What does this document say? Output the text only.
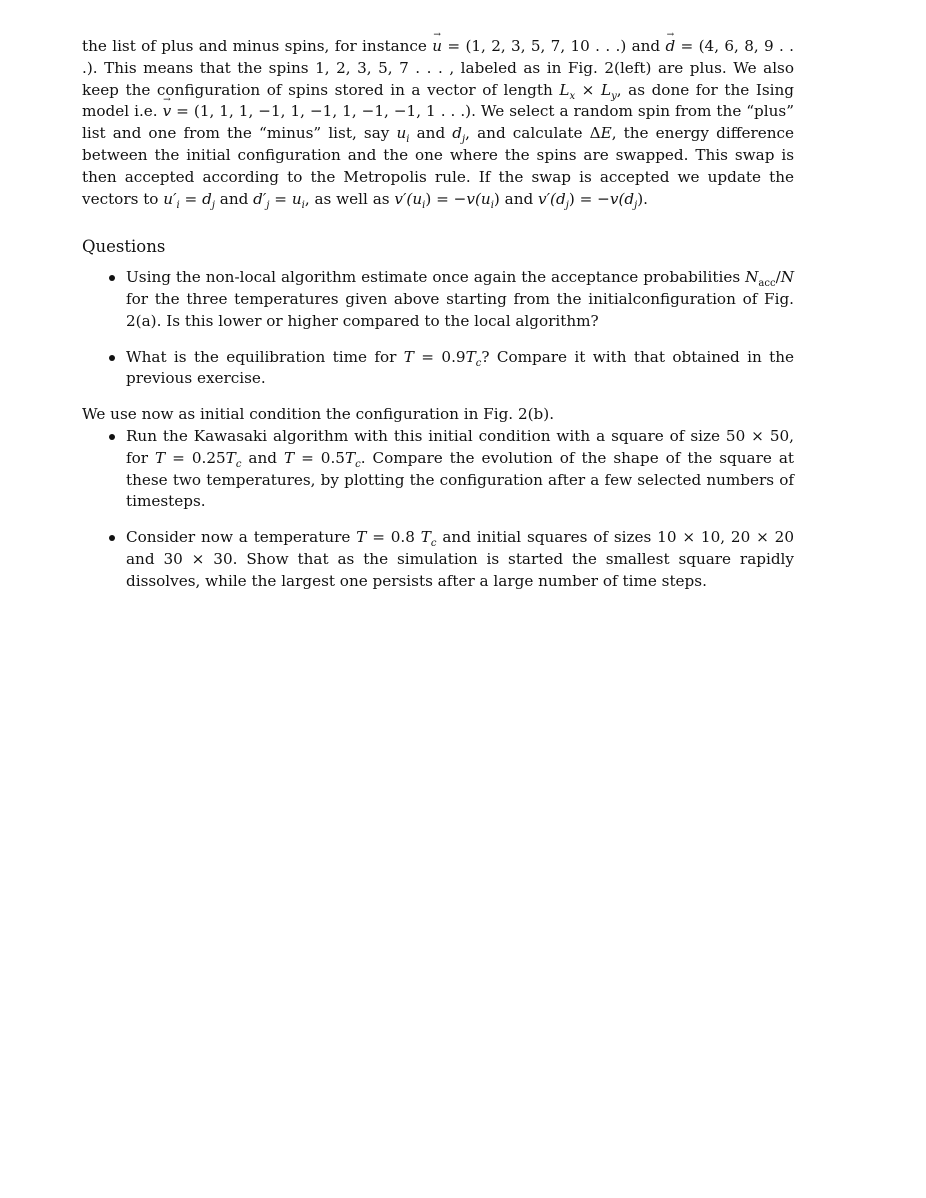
the list of plus and minus spins, for instance u → = (1, 2, 3, 5, 7, 10 . . .) and d → = (4, 6, 8, 9 . . .). This means that the spins 1, 2, 3, 5, 7 . . . , labeled as in Fig. 2(left) are plus. We also keep the configuration of spins stored in a vector of length $L_x \times L_y$, as done for the Ising model i.e. v → = (1, 1, 1, −1, 1, −1, 1, −1, −1, 1 . . .). We select a random spin from the “plus” list and one from the “minus” list, say $u_i$ and $d_j$, and calculate ΔE, the energy difference between the initial configuration and the one where the spins are swapped. This swap is then accepted according to the Metropolis rule. If the swap is accepted we update the vectors to $u'_i = d_j$ and $d'_j = u_i$, as well as $v'(u_i) = -v(u_i)$ and $v'(d_j) = -v(d_j)$.

Questions
Using the non-local algorithm estimate once again the acceptance probabilities $N_{acc}/N$ for the three temperatures given above starting from the initialconfiguration of Fig. 2(a). Is this lower or higher compared to the local algorithm?
What is the equilibration time for $T = 0.9T_c$? Compare it with that obtained in the previous exercise.

We use now as initial condition the configuration in Fig. 2(b).

Run the Kawasaki algorithm with this initial condition with a square of size 50 × 50, for $T = 0.25T_c$ and $T = 0.5T_c$. Compare the evolution of the shape of the square at these two temperatures, by plotting the configuration after a few selected numbers of timesteps.
Consider now a temperature T = 0.8 $T_c$ and initial squares of sizes 10 × 10, 20 × 20 and 30 × 30. Show that as the simulation is started the smallest square rapidly dissolves, while the largest one persists after a large number of time steps.
